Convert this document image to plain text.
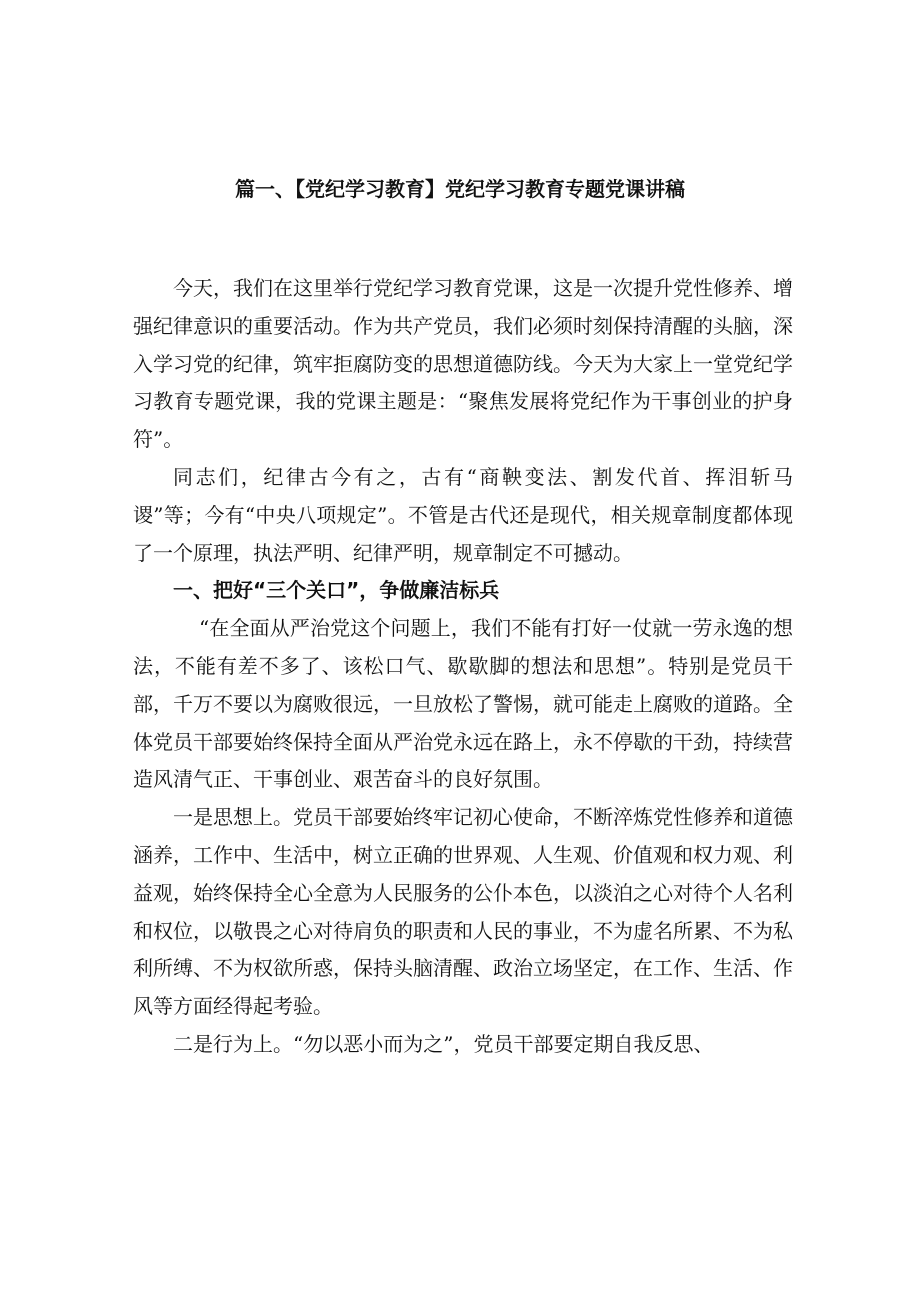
篇一、【党纪学习教育】党纪学习教育专题党课讲稿

今天，我们在这里举行党纪学习教育党课，这是一次提升党性修养、增强纪律意识的重要活动。作为共产党员，我们必须时刻保持清醒的头脑，深入学习党的纪律，筑牢拒腐防变的思想道德防线。今天为大家上一堂党纪学习教育专题党课，我的党课主题是：“聚焦发展将党纪作为干事创业的护身符”。

同志们，纪律古今有之，古有“商鞅变法、割发代首、挥泪斩马谡”等；今有“中央八项规定”。不管是古代还是现代，相关规章制度都体现了一个原理，执法严明、纪律严明，规章制定不可撼动。

一、把好“三个关口”，争做廉洁标兵

“在全面从严治党这个问题上，我们不能有打好一仗就一劳永逸的想法，不能有差不多了、该松口气、歇歇脚的想法和思想”。特别是党员干部，千万不要以为腐败很远，一旦放松了警惕，就可能走上腐败的道路。全体党员干部要始终保持全面从严治党永远在路上，永不停歇的干劲，持续营造风清气正、干事创业、艰苦奋斗的良好氛围。

一是思想上。党员干部要始终牢记初心使命，不断淬炼党性修养和道德涵养，工作中、生活中，树立正确的世界观、人生观、价值观和权力观、利益观，始终保持全心全意为人民服务的公仆本色，以淡泊之心对待个人名利和权位，以敬畏之心对待肩负的职责和人民的事业，不为虚名所累、不为私利所缚、不为权欲所惑，保持头脑清醒、政治立场坚定，在工作、生活、作风等方面经得起考验。

二是行为上。“勿以恶小而为之”，党员干部要定期自我反思、
